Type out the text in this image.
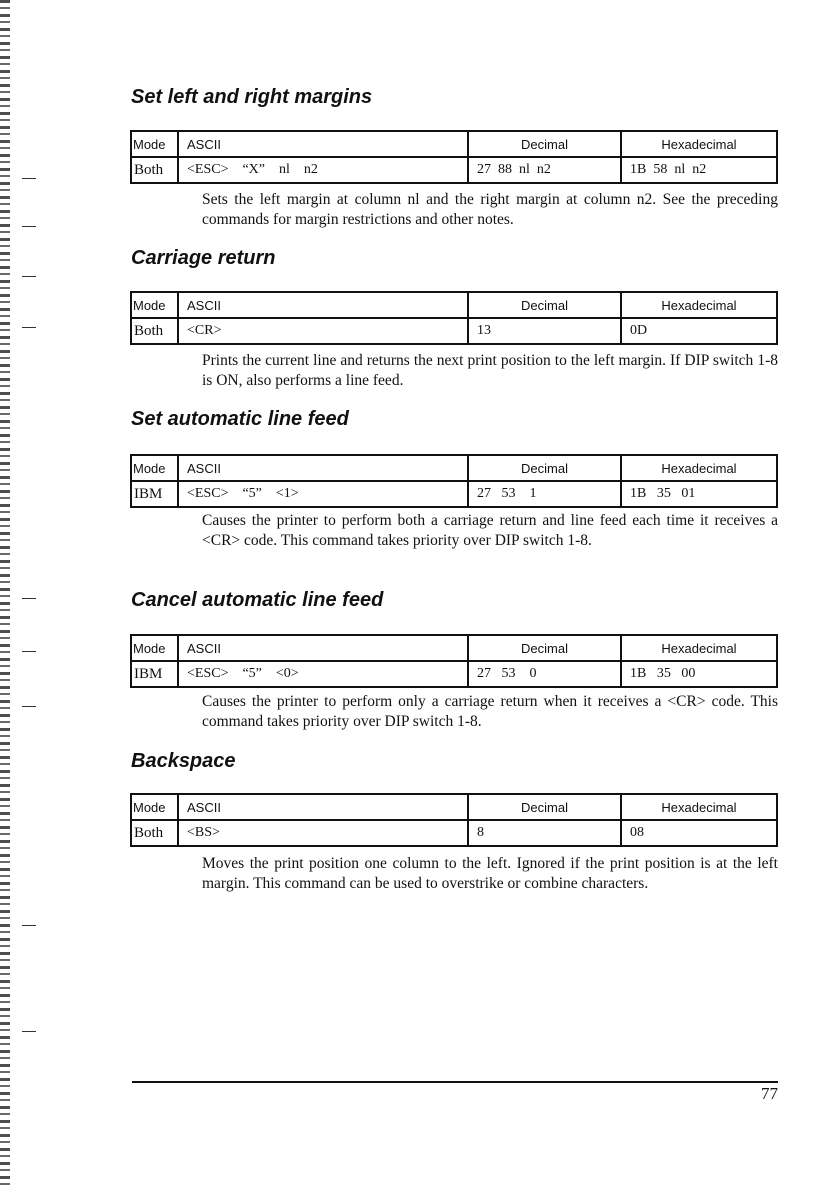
Set left and right margins
Mode	ASCII	Decimal	Hexadecimal
Both	<ESC>    “X”    nl    n2	27  88  nl  n2	1B  58  nl  n2

Sets the left margin at column nl and the right margin at column n2. See the preceding commands for margin restrictions and other notes.

Carriage return
Mode	ASCII	Decimal	Hexadecimal
Both	<CR>	13	0D

Prints the current line and returns the next print position to the left margin. If DIP switch 1-8 is ON, also performs a line feed.

Set automatic line feed
Mode	ASCII	Decimal	Hexadecimal
IBM	<ESC>    “5”    <1>	27   53    1	1B   35   01

Causes the printer to perform both a carriage return and line feed each time it receives a <CR> code. This command takes priority over DIP switch 1-8.

Cancel automatic line feed
Mode	ASCII	Decimal	Hexadecimal
IBM	<ESC>    “5”    <0>	27   53    0	1B   35   00

Causes the printer to perform only a carriage return when it receives a <CR> code. This command takes priority over DIP switch 1-8.

Backspace
Mode	ASCII	Decimal	Hexadecimal
Both	<BS>	8	08

Moves the print position one column to the left. Ignored if the print position is at the left margin. This command can be used to overstrike or combine characters.

77
